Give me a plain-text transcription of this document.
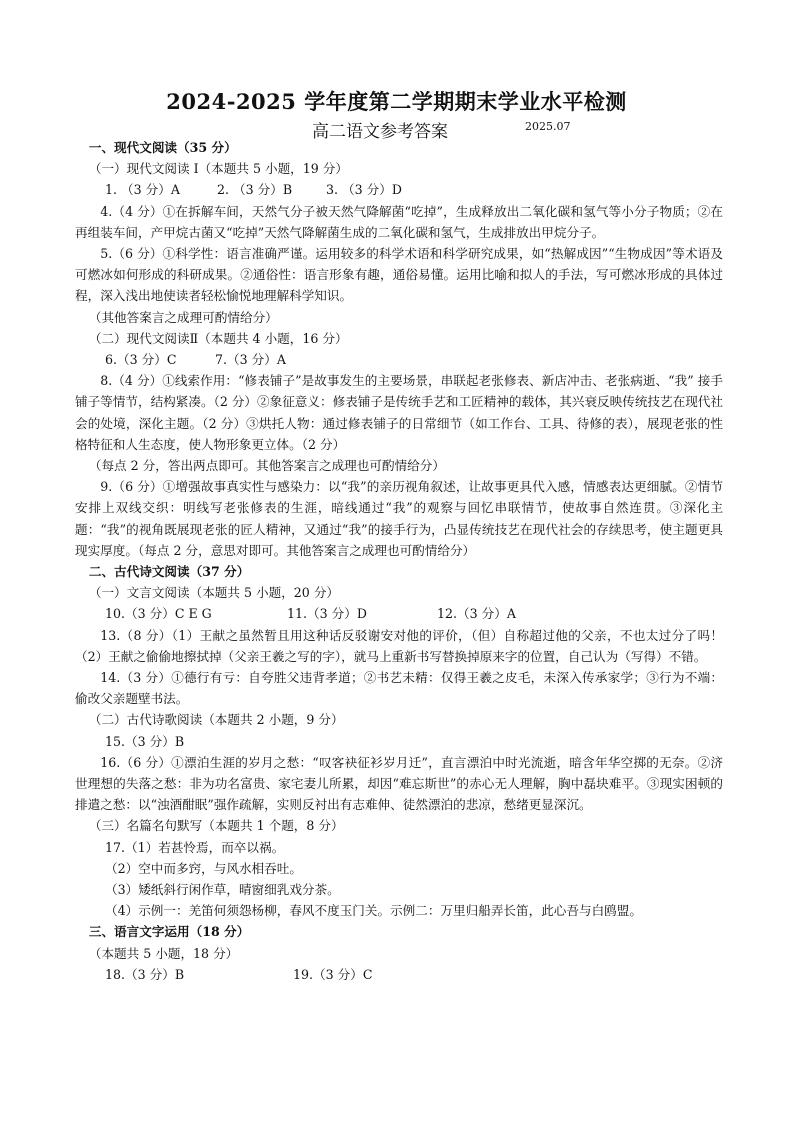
2024-2025 学年度第二学期期末学业水平检测
高二语文参考答案	2025.07
一、现代文阅读（35 分）
（一）现代文阅读 I（本题共 5 小题，19 分）
1. （3 分）A	2. （3 分）B	3. （3 分）D
4.（4 分）①在拆解车间，天然气分子被天然气降解菌“吃掉”，生成释放出二氧化碳和氢气等小分子物质；②在再组装车间，产甲烷古菌又“吃掉”天然气降解菌生成的二氧化碳和氢气，生成排放出甲烷分子。
5.（6 分）①科学性：语言准确严谨。运用较多的科学术语和科学研究成果，如“热解成因”“生物成因”等术语及可燃冰如何形成的科研成果。②通俗性：语言形象有趣，通俗易懂。运用比喻和拟人的手法，写可燃冰形成的具体过程，深入浅出地使读者轻松愉悦地理解科学知识。
（其他答案言之成理可酌情给分）
（二）现代文阅读Ⅱ（本题共 4 小题，16 分）
6.（3 分）C	7.（3 分）A
8.（4 分）①线索作用：“修表铺子”是故事发生的主要场景，串联起老张修表、新店冲击、老张病逝、“我” 接手铺子等情节，结构紧凑。（2 分）②象征意义：修表铺子是传统手艺和工匠精神的载体，其兴衰反映传统技艺在现代社会的处境，深化主题。（2 分）③烘托人物：通过修表铺子的日常细节（如工作台、工具、待修的表），展现老张的性格特征和人生态度，使人物形象更立体。（2 分）
（每点 2 分，答出两点即可。其他答案言之成理也可酌情给分）
9.（6 分）①增强故事真实性与感染力：以“我”的亲历视角叙述，让故事更具代入感，情感表达更细腻。②情节安排上双线交织：明线写老张修表的生涯，暗线通过“我”的观察与回忆串联情节，使故事自然连贯。③深化主题：“我”的视角既展现老张的匠人精神，又通过“我”的接手行为，凸显传统技艺在现代社会的存续思考，使主题更具现实厚度。（每点 2 分，意思对即可。其他答案言之成理也可酌情给分）
二、古代诗文阅读（37 分）
（一）文言文阅读（本题共 5 小题，20 分）
10.（3 分）C E G	11.（3 分）D	12.（3 分）A
13.（8 分）（1）王献之虽然暂且用这种话反驳谢安对他的评价，（但）自称超过他的父亲，不也太过分了吗！（2）王献之偷偷地擦拭掉（父亲王羲之写的字），就马上重新书写替换掉原来字的位置，自己认为（写得）不错。
14.（3 分）①德行有亏：自夸胜父违背孝道；②书艺未精：仅得王羲之皮毛，未深入传承家学；③行为不端：偷改父亲题壁书法。
（二）古代诗歌阅读（本题共 2 小题，9 分）
15.（3 分）B
16.（6 分）①漂泊生涯的岁月之愁：“叹客袂征衫岁月迁”，直言漂泊中时光流逝，暗含年华空掷的无奈。②济世理想的失落之愁：非为功名富贵、家宅妻儿所累，却因“难忘斯世”的赤心无人理解，胸中磊块难平。③现实困顿的排遣之愁：以“浊酒酣眠”强作疏解，实则反衬出有志难伸、徒然漂泊的悲凉，愁绪更显深沉。
（三）名篇名句默写（本题共 1 个题，8 分）
17.（1）若甚怜焉，而卒以祸。
（2）空中而多窍，与风水相吞吐。
（3）矮纸斜行闲作草，晴窗细乳戏分茶。
（4）示例一：羌笛何须怨杨柳，春风不度玉门关。示例二：万里归船弄长笛，此心吾与白鸥盟。
三、语言文字运用（18 分）
（本题共 5 小题，18 分）
18.（3 分）B	19.（3 分）C
